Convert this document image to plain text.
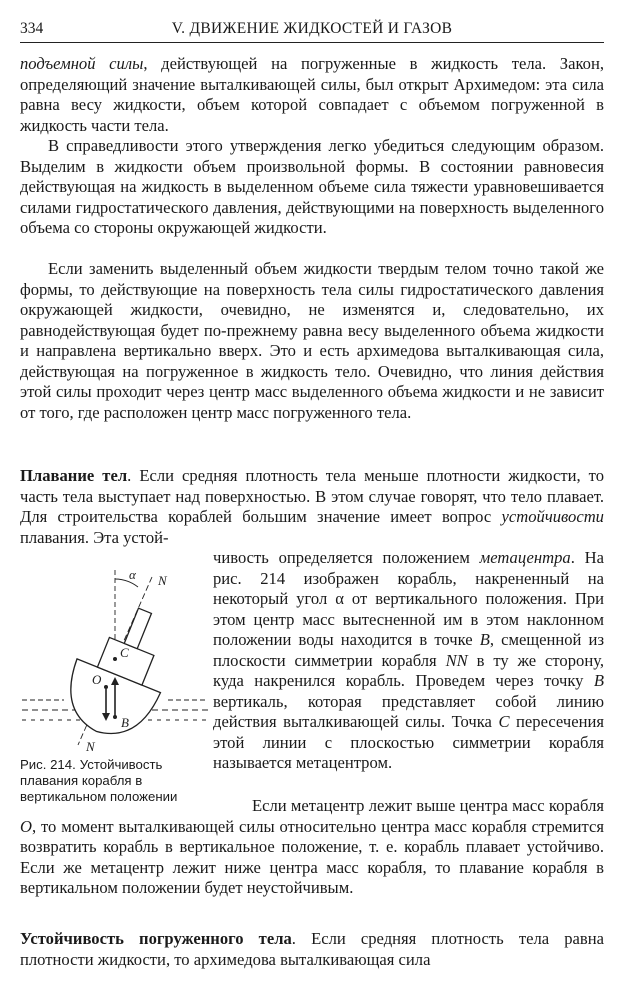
334	V. ДВИЖЕНИЕ ЖИДКОСТЕЙ И ГАЗОВ

подъемной силы, действующей на погруженные в жидкость тела. Закон, определяющий значение выталкивающей силы, был открыт Архимедом: эта сила равна весу жидкости, объем которой совпадает с объемом погруженной в жидкость части тела.

В справедливости этого утверждения легко убедиться следующим образом. Выделим в жидкости объем произвольной формы. В состоянии равновесия действующая на жидкость в выделенном объеме сила тяжести уравновешивается силами гидростатического давления, действующими на поверхность выделенного объема со стороны окружающей жидкости.

Если заменить выделенный объем жидкости твердым телом точно такой же формы, то действующие на поверхность тела силы гидростатического давления окружающей жидкости, очевидно, не изменятся и, следовательно, их равнодействующая будет по-прежнему равна весу выделенного объема жидкости и направлена вертикально вверх. Это и есть архимедова выталкивающая сила, действующая на погруженное в жидкость тело. Очевидно, что линия действия этой силы проходит через центр масс выделенного объема жидкости и не зависит от того, где расположен центр масс погруженного тела.

Плавание тел. Если средняя плотность тела меньше плотности жидкости, то часть тела выступает над поверхностью. В этом случае говорят, что тело плавает. Для строительства кораблей большим значение имеет вопрос устойчивости плавания. Эта устой-

чивость определяется положением метацентра. На рис. 214 изображен корабль, накрененный на некоторый угол α от вертикального положения. При этом центр масс вытесненной им в этом наклонном положении воды находится в точке B, смещенной из плоскости симметрии корабля NN в ту же сторону, куда накренился корабль. Проведем через точку B вертикаль, которая представляет собой линию действия выталкивающей силы. Точка C пересечения этой линии с плоскостью симметрии корабля называется метацентром.

α N
N
C
O
B
Рис. 214. Устойчивость плавания корабля в вертикальном положении	Если метацентр лежит выше центра масс корабля O, то момент выталкивающей силы относительно центра масс корабля стремится возвратить корабль в вертикальное положение, т. е. корабль плавает устойчиво. Если же метацентр лежит ниже центра масс корабля, то плавание корабля в вертикальном положении будет неустойчивым.

Устойчивость погруженного тела. Если средняя плотность тела равна плотности жидкости, то архимедова выталкивающая сила
